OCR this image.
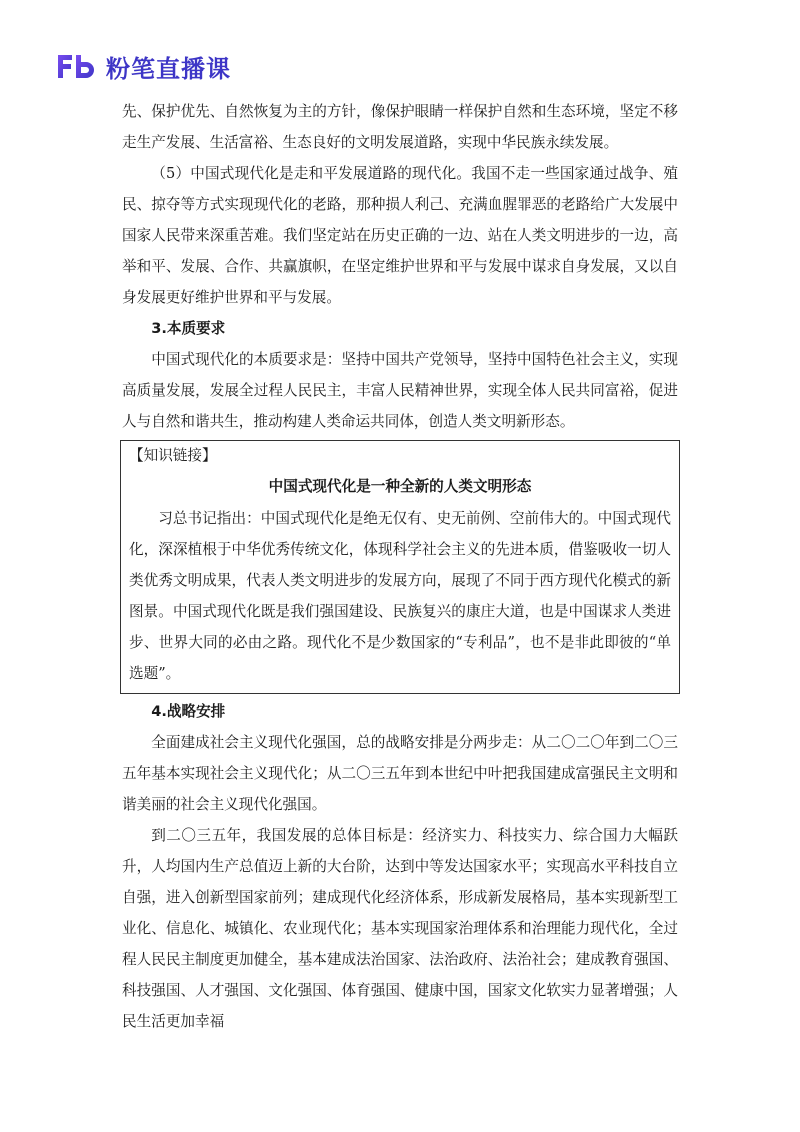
粉笔直播课

先、保护优先、自然恢复为主的方针，像保护眼睛一样保护自然和生态环境，坚定不移走生产发展、生活富裕、生态良好的文明发展道路，实现中华民族永续发展。

（5）中国式现代化是走和平发展道路的现代化。我国不走一些国家通过战争、殖民、掠夺等方式实现现代化的老路，那种损人利己、充满血腥罪恶的老路给广大发展中国家人民带来深重苦难。我们坚定站在历史正确的一边、站在人类文明进步的一边，高举和平、发展、合作、共赢旗帜，在坚定维护世界和平与发展中谋求自身发展，又以自身发展更好维护世界和平与发展。

3.本质要求

中国式现代化的本质要求是：坚持中国共产党领导，坚持中国特色社会主义，实现高质量发展，发展全过程人民民主，丰富人民精神世界，实现全体人民共同富裕，促进人与自然和谐共生，推动构建人类命运共同体，创造人类文明新形态。

【知识链接】

中国式现代化是一种全新的人类文明形态

习总书记指出：中国式现代化是绝无仅有、史无前例、空前伟大的。中国式现代化，深深植根于中华优秀传统文化，体现科学社会主义的先进本质，借鉴吸收一切人类优秀文明成果，代表人类文明进步的发展方向，展现了不同于西方现代化模式的新图景。中国式现代化既是我们强国建设、民族复兴的康庄大道，也是中国谋求人类进步、世界大同的必由之路。现代化不是少数国家的“专利品”，也不是非此即彼的“单选题”。

4.战略安排

全面建成社会主义现代化强国，总的战略安排是分两步走：从二〇二〇年到二〇三五年基本实现社会主义现代化；从二〇三五年到本世纪中叶把我国建成富强民主文明和谐美丽的社会主义现代化强国。

到二〇三五年，我国发展的总体目标是：经济实力、科技实力、综合国力大幅跃升，人均国内生产总值迈上新的大台阶，达到中等发达国家水平；实现高水平科技自立自强，进入创新型国家前列；建成现代化经济体系，形成新发展格局，基本实现新型工业化、信息化、城镇化、农业现代化；基本实现国家治理体系和治理能力现代化，全过程人民民主制度更加健全，基本建成法治国家、法治政府、法治社会；建成教育强国、科技强国、人才强国、文化强国、体育强国、健康中国，国家文化软实力显著增强；人民生活更加幸福
